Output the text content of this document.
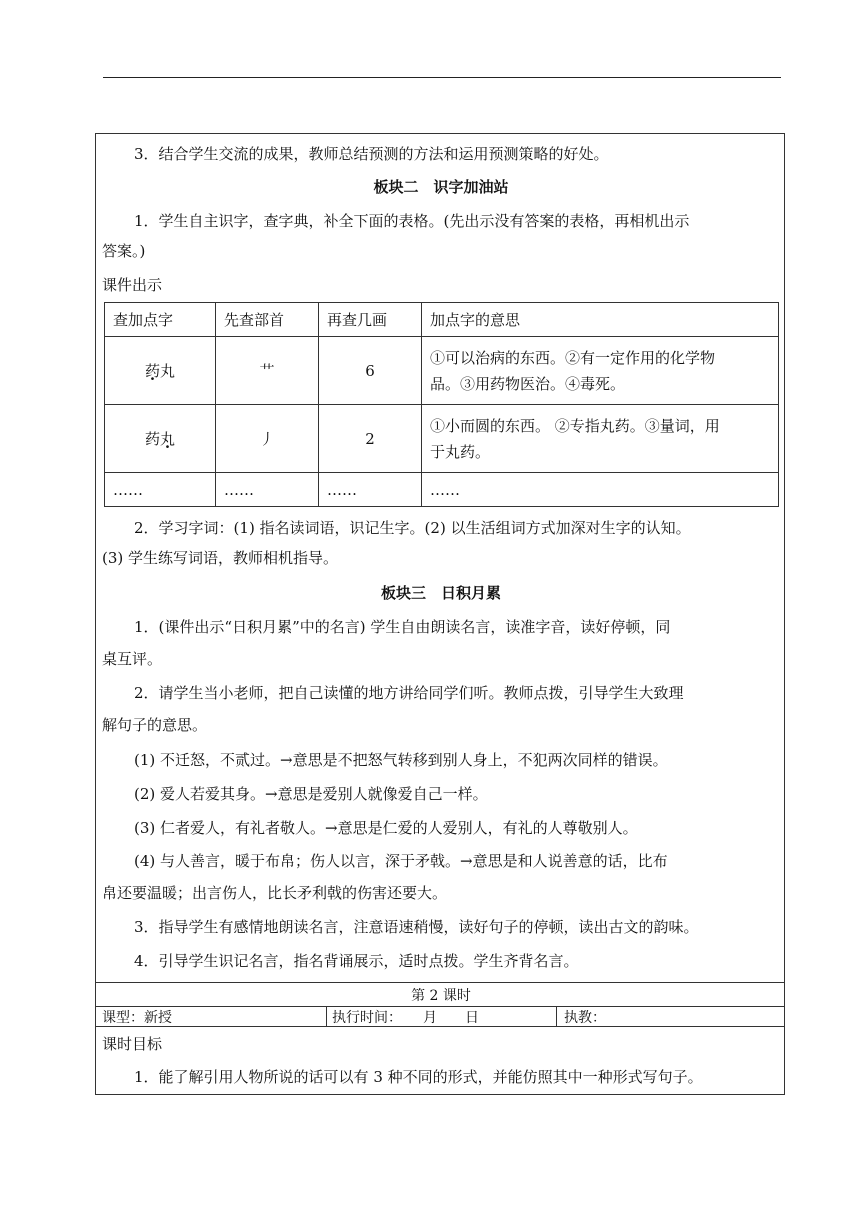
3．结合学生交流的成果，教师总结预测的方法和运用预测策略的好处。
板块二　识字加油站
1．学生自主识字，查字典，补全下面的表格。(先出示没有答案的表格，再相机出示
答案。)
课件出示
查加点字	先查部首	再查几画	加点字的意思
药丸	艹	6	①可以治病的东西。②有一定作用的化学物
品。③用药物医治。④毒死。

药丸	丿	2	①小而圆的东西。 ②专指丸药。③量词，用
于丸药。

……	……	……	……
2．学习字词：(1) 指名读词语，识记生字。(2) 以生活组词方式加深对生字的认知。
(3) 学生练写词语，教师相机指导。
板块三　日积月累
1．(课件出示“日积月累”中的名言) 学生自由朗读名言，读准字音，读好停顿，同
桌互评。
2．请学生当小老师，把自己读懂的地方讲给同学们听。教师点拨，引导学生大致理
解句子的意思。
(1) 不迁怒，不贰过。→意思是不把怒气转移到别人身上，不犯两次同样的错误。
(2) 爱人若爱其身。→意思是爱别人就像爱自己一样。
(3) 仁者爱人，有礼者敬人。→意思是仁爱的人爱别人，有礼的人尊敬别人。
(4) 与人善言，暖于布帛；伤人以言，深于矛戟。→意思是和人说善意的话，比布
帛还要温暖；出言伤人，比长矛利戟的伤害还要大。
3．指导学生有感情地朗读名言，注意语速稍慢，读好句子的停顿，读出古文的韵味。
4．引导学生识记名言，指名背诵展示，适时点拨。学生齐背名言。
第 2 课时
课型：新授	执行时间：　　月　　日	执教：
课时目标
1．能了解引用人物所说的话可以有 3 种不同的形式，并能仿照其中一种形式写句子。
